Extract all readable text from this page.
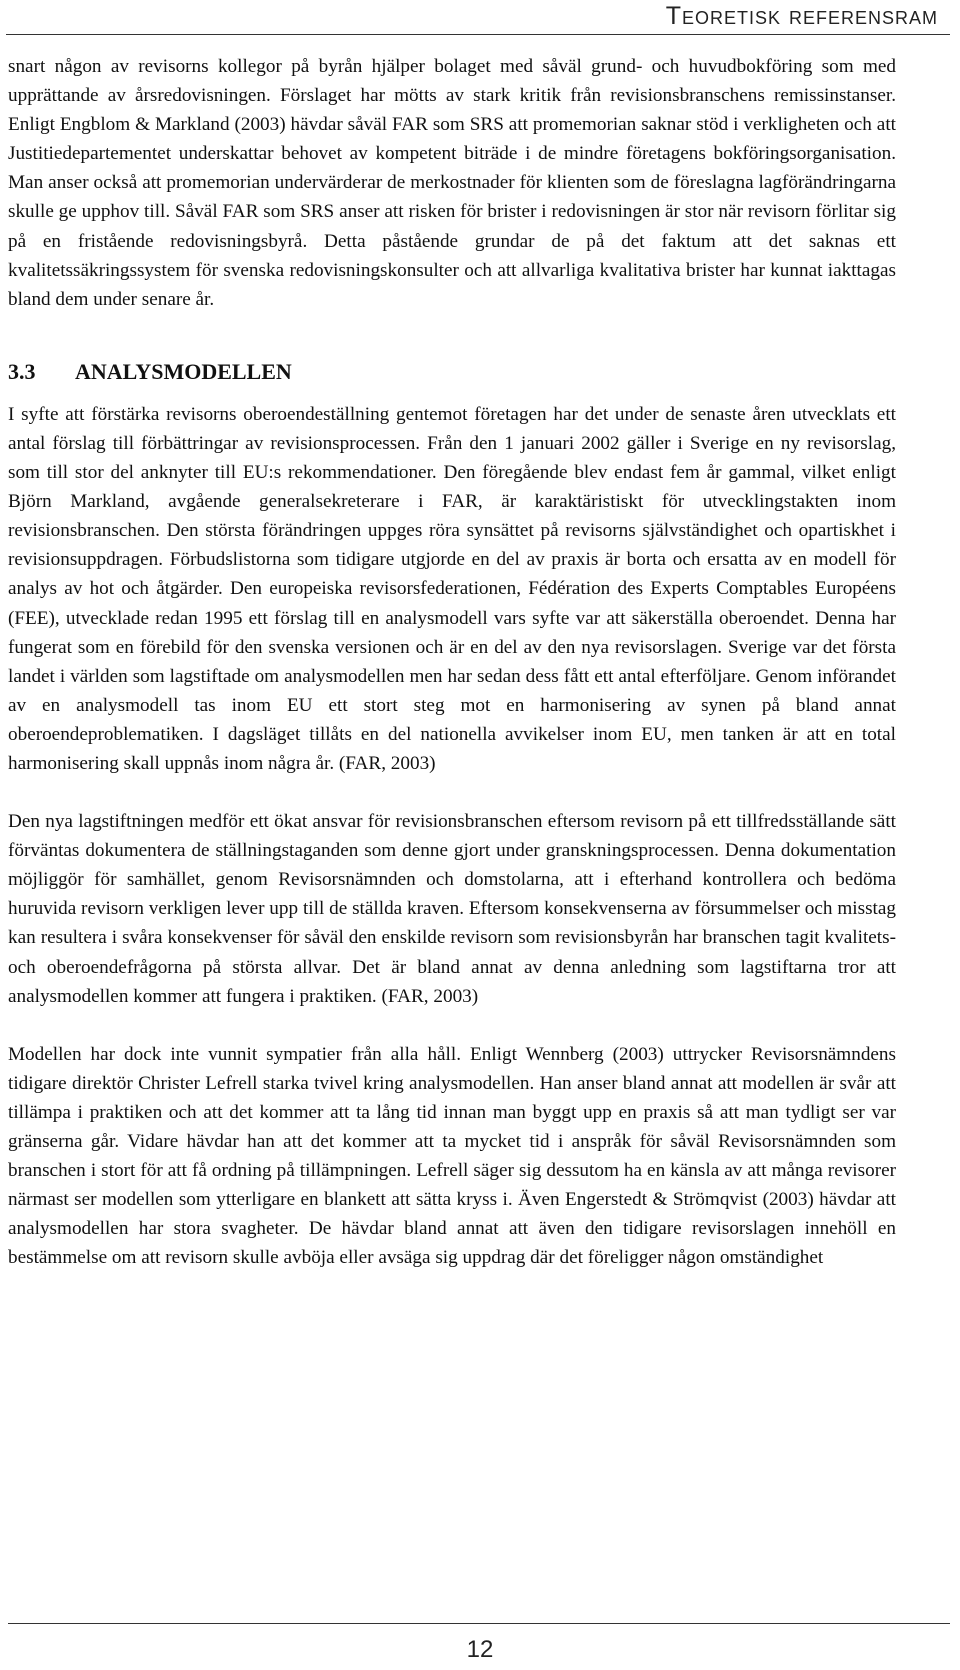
Teoretisk referensram

snart någon av revisorns kollegor på byrån hjälper bolaget med såväl grund- och huvudbokföring som med upprättande av årsredovisningen. Förslaget har mötts av stark kritik från revisionsbranschens remissinstanser. Enligt Engblom & Markland (2003) hävdar såväl FAR som SRS att promemorian saknar stöd i verkligheten och att Justitiedepartementet underskattar behovet av kompetent biträde i de mindre företagens bokföringsorganisation. Man anser också att promemorian undervärderar de merkostnader för klienten som de föreslagna lagförändringarna skulle ge upphov till. Såväl FAR som SRS anser att risken för brister i redovisningen är stor när revisorn förlitar sig på en fristående redovisningsbyrå. Detta påstående grundar de på det faktum att det saknas ett kvalitetssäkringssystem för svenska redovisningskonsulter och att allvarliga kvalitativa brister har kunnat iakttagas bland dem under senare år.

3.3 ANALYSMODELLEN

I syfte att förstärka revisorns oberoendeställning gentemot företagen har det under de senaste åren utvecklats ett antal förslag till förbättringar av revisionsprocessen. Från den 1 januari 2002 gäller i Sverige en ny revisorslag, som till stor del anknyter till EU:s rekommendationer. Den föregående blev endast fem år gammal, vilket enligt Björn Markland, avgående generalsekreterare i FAR, är karaktäristiskt för utvecklingstakten inom revisionsbranschen. Den största förändringen uppges röra synsättet på revisorns självständighet och opartiskhet i revisionsuppdragen. Förbudslistorna som tidigare utgjorde en del av praxis är borta och ersatta av en modell för analys av hot och åtgärder. Den europeiska revisorsfederationen, Fédération des Experts Comptables Européens (FEE), utvecklade redan 1995 ett förslag till en analysmodell vars syfte var att säkerställa oberoendet. Denna har fungerat som en förebild för den svenska versionen och är en del av den nya revisorslagen. Sverige var det första landet i världen som lagstiftade om analysmodellen men har sedan dess fått ett antal efterföljare. Genom införandet av en analysmodell tas inom EU ett stort steg mot en harmonisering av synen på bland annat oberoendeproblematiken. I dagsläget tillåts en del nationella avvikelser inom EU, men tanken är att en total harmonisering skall uppnås inom några år. (FAR, 2003)

Den nya lagstiftningen medför ett ökat ansvar för revisionsbranschen eftersom revisorn på ett tillfredsställande sätt förväntas dokumentera de ställningstaganden som denne gjort under granskningsprocessen. Denna dokumentation möjliggör för samhället, genom Revisorsnämnden och domstolarna, att i efterhand kontrollera och bedöma huruvida revisorn verkligen lever upp till de ställda kraven. Eftersom konsekvenserna av försummelser och misstag kan resultera i svåra konsekvenser för såväl den enskilde revisorn som revisionsbyrån har branschen tagit kvalitets- och oberoendefrågorna på största allvar. Det är bland annat av denna anledning som lagstiftarna tror att analysmodellen kommer att fungera i praktiken. (FAR, 2003)

Modellen har dock inte vunnit sympatier från alla håll. Enligt Wennberg (2003) uttrycker Revisorsnämndens tidigare direktör Christer Lefrell starka tvivel kring analysmodellen. Han anser bland annat att modellen är svår att tillämpa i praktiken och att det kommer att ta lång tid innan man byggt upp en praxis så att man tydligt ser var gränserna går. Vidare hävdar han att det kommer att ta mycket tid i anspråk för såväl Revisorsnämnden som branschen i stort för att få ordning på tillämpningen. Lefrell säger sig dessutom ha en känsla av att många revisorer närmast ser modellen som ytterligare en blankett att sätta kryss i. Även Engerstedt & Strömqvist (2003) hävdar att analysmodellen har stora svagheter. De hävdar bland annat att även den tidigare revisorslagen innehöll en bestämmelse om att revisorn skulle avböja eller avsäga sig uppdrag där det föreligger någon omständighet

12
